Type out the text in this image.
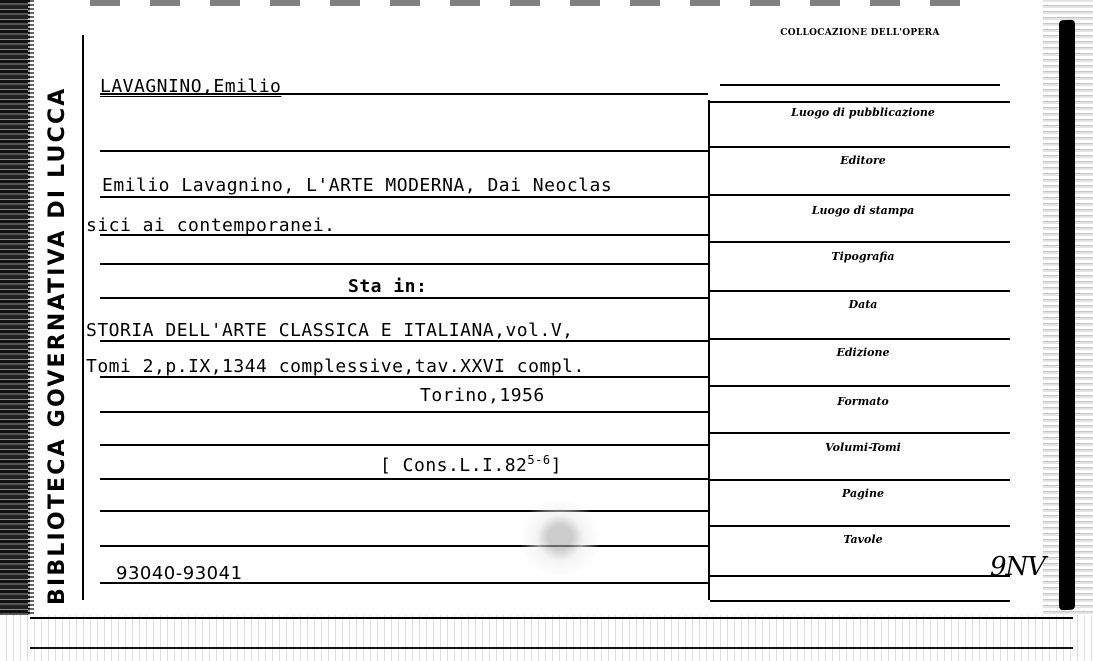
BIBLIOTECA GOVERNATIVA DI LUCCA LAVAGNINO,Emilio
Emilio Lavagnino, L'ARTE MODERNA, Dai Neoclas
sici ai contemporanei.
Sta in:
STORIA DELL'ARTE CLASSICA E ITALIANA,vol.V,
Tomi 2,p.IX,1344 complessive,tav.XXVI compl.
Torino,1956
[ Cons.L.I.82$^{5-6}$]
93040-93041
COLLOCAZIONE DELL'OPERA
Luogo di pubblicazione
Editore
Luogo di stampa
Tipografia
Data
Edizione
Formato
Volumi-Tomi
Pagine
Tavole
9NV
